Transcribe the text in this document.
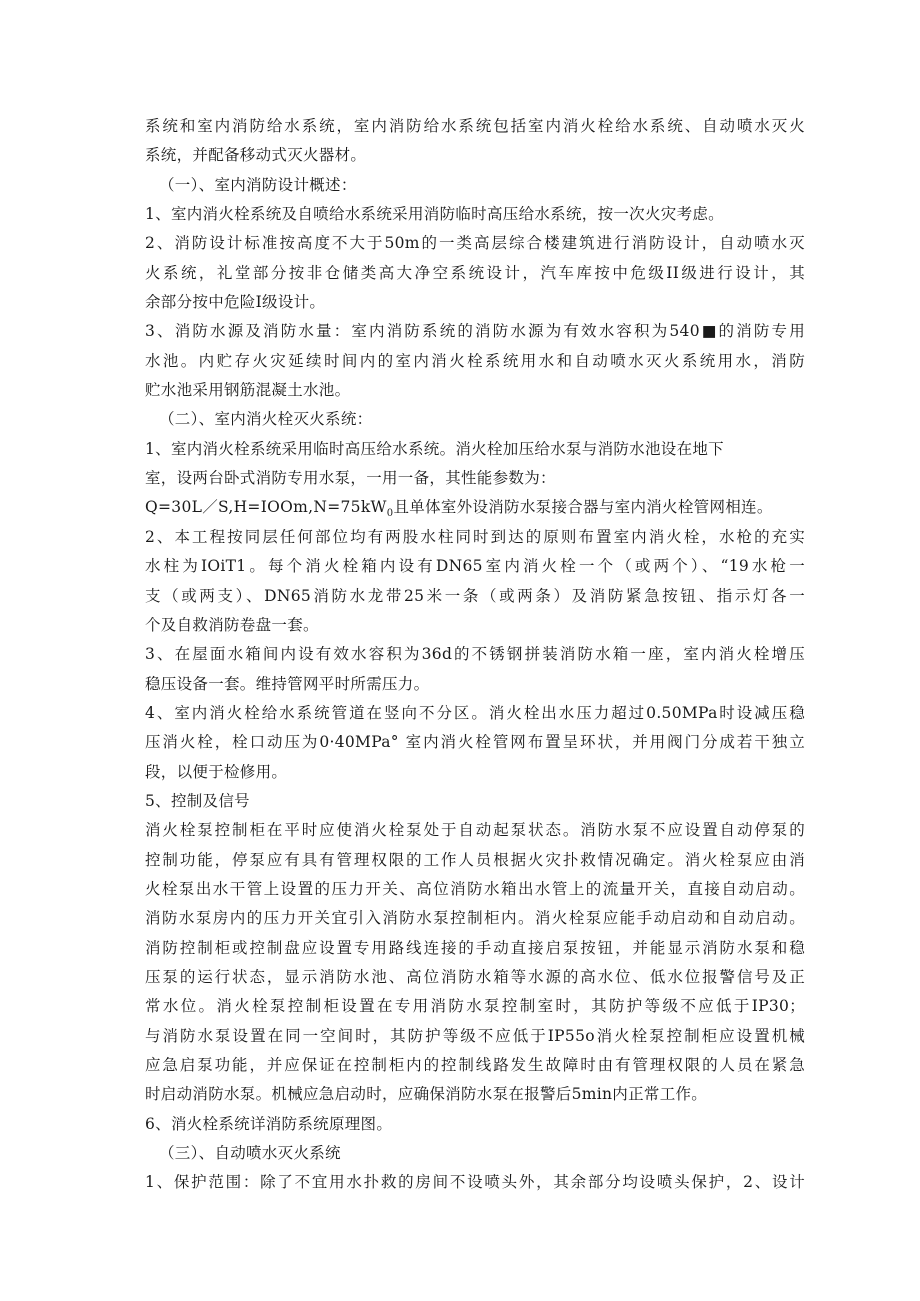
系统和室内消防给水系统，室内消防给水系统包括室内消火栓给水系统、自动喷水灭火
系统，并配备移动式灭火器材。
（一）、室内消防设计概述：
1、室内消火栓系统及自喷给水系统采用消防临时高压给水系统，按一次火灾考虑。
2、消防设计标准按高度不大于50m的一类高层综合楼建筑进行消防设计，自动喷水灭
火系统，礼堂部分按非仓储类高大净空系统设计，汽车库按中危级II级进行设计，其
余部分按中危险Ⅰ级设计。
3、消防水源及消防水量：室内消防系统的消防水源为有效水容积为540■的消防专用
水池。内贮存火灾延续时间内的室内消火栓系统用水和自动喷水灭火系统用水，消防
贮水池采用钢筋混凝土水池。
（二）、室内消火栓灭火系统：
1、室内消火栓系统采用临时高压给水系统。消火栓加压给水泵与消防水池设在地下
室，设两台卧式消防专用水泵，一用一备，其性能参数为：
$Q=30L/S,H=IOOm,N=75kW_0$且单体室外设消防水泵接合器与室内消火栓管网相连。
2、本工程按同层任何部位均有两股水柱同时到达的原则布置室内消火栓，水枪的充实
水柱为IOiT1。每个消火栓箱内设有DN65室内消火栓一个（或两个）、“19水枪一
支（或两支）、DN65消防水龙带25米一条（或两条）及消防紧急按钮、指示灯各一
个及自救消防卷盘一套。
3、在屋面水箱间内设有效水容积为36d的不锈钢拼装消防水箱一座，室内消火栓增压
稳压设备一套。维持管网平时所需压力。
4、室内消火栓给水系统管道在竖向不分区。消火栓出水压力超过0.50MPa时设减压稳
压消火栓，栓口动压为0·40MPa° 室内消火栓管网布置呈环状，并用阀门分成若干独立
段，以便于检修用。
5、控制及信号
消火栓泵控制柜在平时应使消火栓泵处于自动起泵状态。消防水泵不应设置自动停泵的
控制功能，停泵应有具有管理权限的工作人员根据火灾扑救情况确定。消火栓泵应由消
火栓泵出水干管上设置的压力开关、高位消防水箱出水管上的流量开关，直接自动启动。
消防水泵房内的压力开关宜引入消防水泵控制柜内。消火栓泵应能手动启动和自动启动。
消防控制柜或控制盘应设置专用路线连接的手动直接启泵按钮，并能显示消防水泵和稳
压泵的运行状态，显示消防水池、高位消防水箱等水源的高水位、低水位报警信号及正
常水位。消火栓泵控制柜设置在专用消防水泵控制室时，其防护等级不应低于IP30；
与消防水泵设置在同一空间时，其防护等级不应低于IP55o消火栓泵控制柜应设置机械
应急启泵功能，并应保证在控制柜内的控制线路发生故障时由有管理权限的人员在紧急
时启动消防水泵。机械应急启动时，应确保消防水泵在报警后5min内正常工作。
6、消火栓系统详消防系统原理图。
（三）、自动喷水灭火系统
1、保护范围：除了不宜用水扑救的房间不设喷头外，其余部分均设喷头保护，2、设计
